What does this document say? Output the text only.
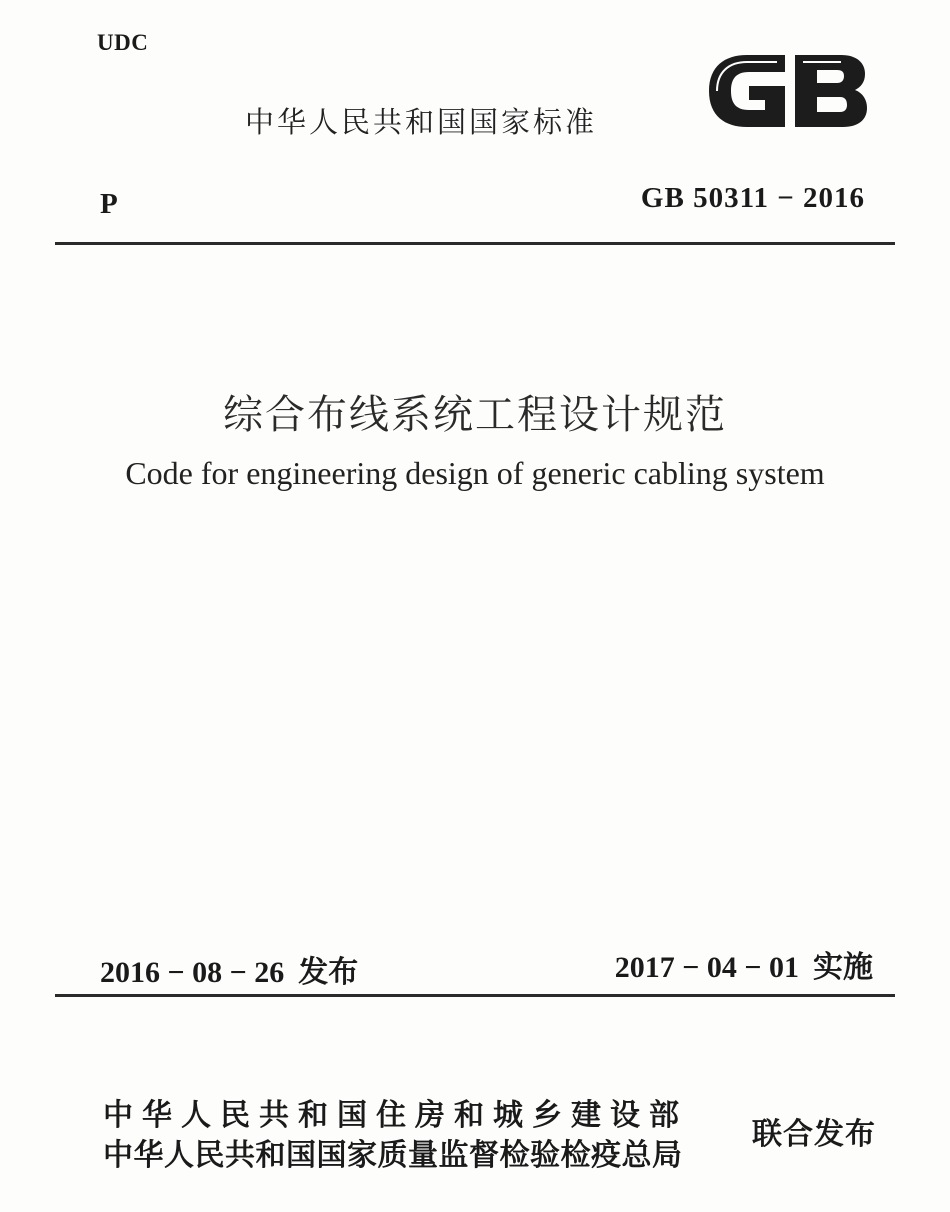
UDC
中华人民共和国国家标准
P	GB 50311 − 2016
综合布线系统工程设计规范
Code for engineering design of generic cabling system
2016 − 08 − 26 发布	2017 − 04 − 01 实施
中华人民共和国住房和城乡建设部
中华人民共和国国家质量监督检验检疫总局
联合发布
